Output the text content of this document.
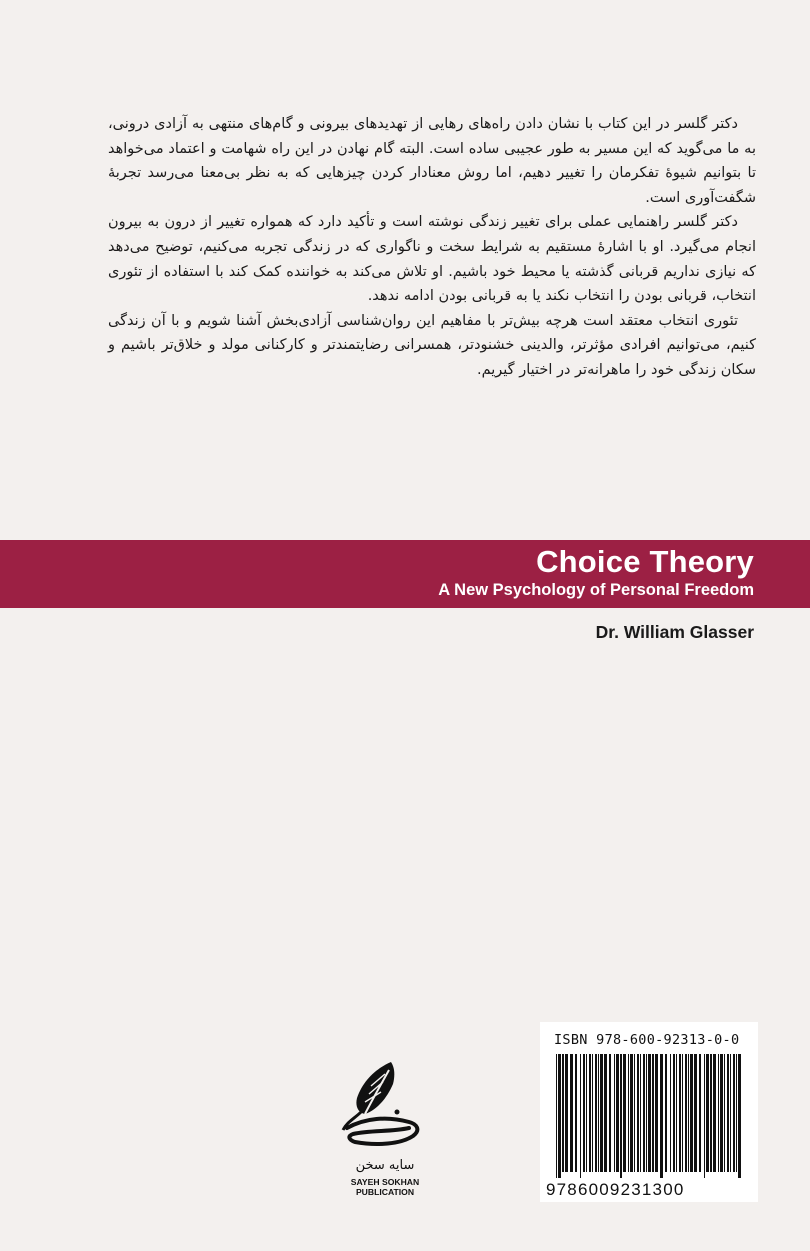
دکتر گلسر در این کتاب با نشان دادن راه‌های رهایی از تهدیدهای بیرونی و گام‌های منتهی به آزادی درونی، به ما می‌گوید که این مسیر به طور عجیبی ساده است. البته گام نهادن در این راه شهامت و اعتماد می‌خواهد تا بتوانیم شیوهٔ تفکرمان را تغییر دهیم، اما روش معنادار کردن چیزهایی که به نظر بی‌معنا می‌رسد تجربهٔ شگفت‌آوری است.

دکتر گلسر راهنمایی عملی برای تغییر زندگی نوشته است و تأکید دارد که همواره تغییر از درون به بیرون انجام می‌گیرد. او با اشارهٔ مستقیم به شرایط سخت و ناگواری که در زندگی تجربه می‌کنیم، توضیح می‌دهد که نیازی نداریم قربانی گذشته یا محیط خود باشیم. او تلاش می‌کند به خواننده کمک کند با استفاده از تئوری انتخاب، قربانی بودن را انتخاب نکند یا به قربانی بودن ادامه ندهد.

تئوری انتخاب معتقد است هرچه بیش‌تر با مفاهیم این روان‌شناسی آزادی‌بخش آشنا شویم و با آن زندگی کنیم، می‌توانیم افرادی مؤثرتر، والدینی خشنودتر، همسرانی رضایتمندتر و کارکنانی مولد و خلاق‌تر باشیم و سکان زندگی خود را ماهرانه‌تر در اختیار گیریم.

Choice Theory
A New Psychology of Personal Freedom
Dr. William Glasser
سایه سخن
SAYEH SOKHAN
PUBLICATION
ISBN 978-600-92313-0-0
9786009231300
